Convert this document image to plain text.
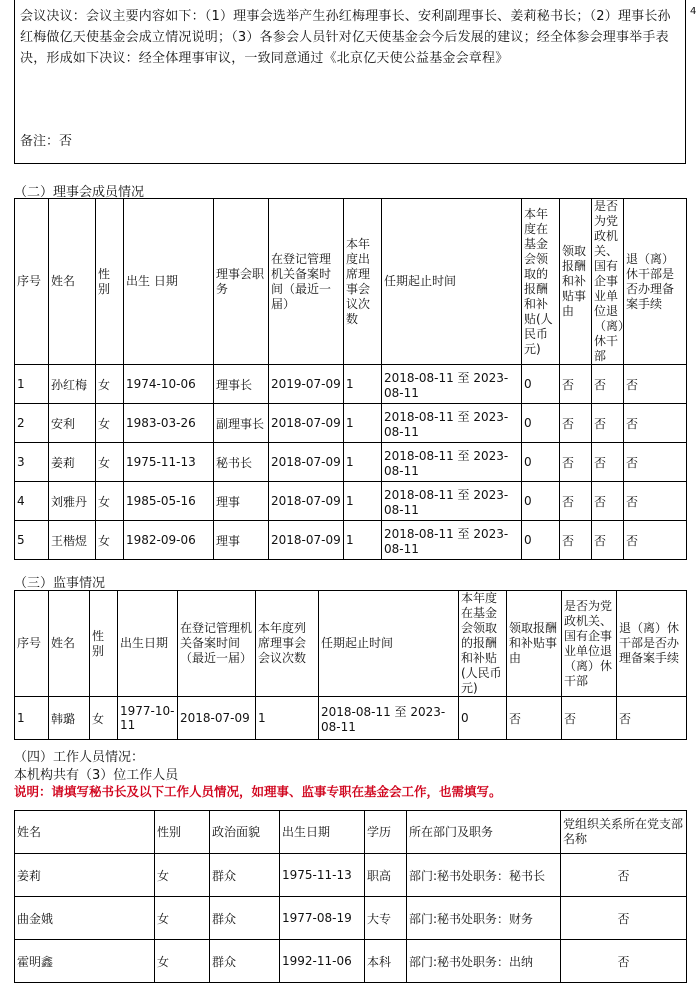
4
会议决议：会议主要内容如下：（1）理事会选举产生孙红梅理事长、安利副理事长、姜莉秘书长；（2）理事长孙红梅做亿天使基金会成立情况说明；（3）各参会人员针对亿天使基金会今后发展的建议；经全体参会理事举手表决，形成如下决议：经全体理事审议，一致同意通过《北京亿天使公益基金会章程》
备注：否
（二）理事会成员情况
序号	姓名	性别	出生 日期	理事会职务	在登记管理机关备案时间（最近一届）	本年度出席理事会议次数	任期起止时间	本年度在基金会领取的报酬和补贴(人民币元)	领取报酬和补贴事由	是否为党政机关、国有企事业单位退（离）休干部	退（离）休干部是否办理备案手续
1	孙红梅	女	1974-10-06	理事长	2019-07-09	1	2018-08-11 至 2023-08-11	0	否	否	否
2	安利	女	1983-03-26	副理事长	2018-07-09	1	2018-08-11 至 2023-08-11	0	否	否	否
3	姜莉	女	1975-11-13	秘书长	2018-07-09	1	2018-08-11 至 2023-08-11	0	否	否	否
4	刘雅丹	女	1985-05-16	理事	2018-07-09	1	2018-08-11 至 2023-08-11	0	否	否	否
5	王楷煜	女	1982-09-06	理事	2018-07-09	1	2018-08-11 至 2023-08-11	0	否	否	否
（三）监事情况
序号	姓名	性别	出生日期	在登记管理机关备案时间（最近一届）	本年度列席理事会会议次数	任期起止时间	本年度在基金会领取的报酬和补贴(人民币元)	领取报酬和补贴事由	是否为党政机关、国有企事业单位退（离）休干部	退（离）休干部是否办理备案手续
1	韩璐	女	1977-10-11	2018-07-09	1	2018-08-11 至 2023-08-11	0	否	否	否
（四）工作人员情况：
本机构共有（3）位工作人员
说明：请填写秘书长及以下工作人员情况，如理事、监事专职在基金会工作，也需填写。
姓名	性别	政治面貌	出生日期	学历	所在部门及职务	党组织关系所在党支部名称
姜莉	女	群众	1975-11-13	职高	部门:秘书处职务：秘书长	否
曲金娥	女	群众	1977-08-19	大专	部门:秘书处职务：财务	否
霍明鑫	女	群众	1992-11-06	本科	部门:秘书处职务：出纳	否
